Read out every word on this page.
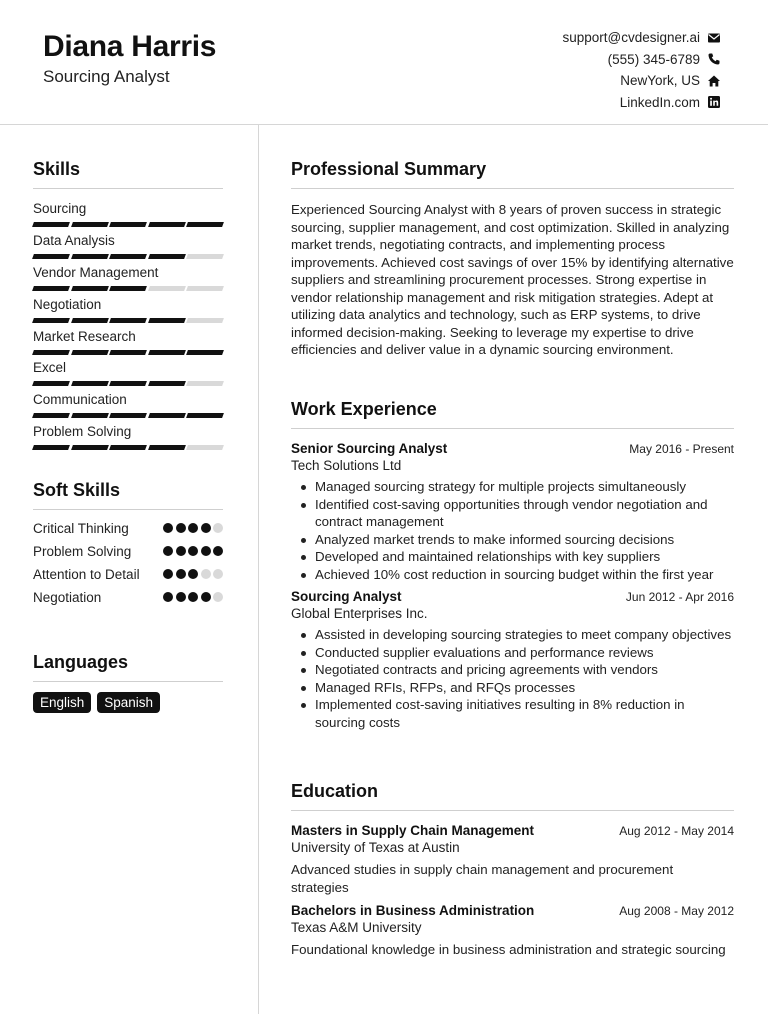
Diana Harris
Sourcing Analyst
support@cvdesigner.ai
(555) 345-6789
NewYork, US
LinkedIn.com
Skills
Sourcing
Data Analysis
Vendor Management
Negotiation
Market Research
Excel
Communication
Problem Solving
Soft Skills
Critical Thinking
Problem Solving
Attention to Detail
Negotiation
Languages
English	Spanish
Professional Summary
Experienced Sourcing Analyst with 8 years of proven success in strategic sourcing, supplier management, and cost optimization. Skilled in analyzing market trends, negotiating contracts, and implementing process improvements. Achieved cost savings of over 15% by identifying alternative suppliers and streamlining procurement processes. Strong expertise in vendor relationship management and risk mitigation strategies. Adept at utilizing data analytics and technology, such as ERP systems, to drive informed decision-making. Seeking to leverage my expertise to drive efficiencies and deliver value in a dynamic sourcing environment.
Work Experience
Senior Sourcing Analyst	May 2016 - Present
Tech Solutions Ltd
Managed sourcing strategy for multiple projects simultaneously
Identified cost-saving opportunities through vendor negotiation and contract management
Analyzed market trends to make informed sourcing decisions
Developed and maintained relationships with key suppliers
Achieved 10% cost reduction in sourcing budget within the first year
Sourcing Analyst	Jun 2012 - Apr 2016
Global Enterprises Inc.
Assisted in developing sourcing strategies to meet company objectives
Conducted supplier evaluations and performance reviews
Negotiated contracts and pricing agreements with vendors
Managed RFIs, RFPs, and RFQs processes
Implemented cost-saving initiatives resulting in 8% reduction in sourcing costs
Education
Masters in Supply Chain Management	Aug 2012 - May 2014
University of Texas at Austin
Advanced studies in supply chain management and procurement strategies
Bachelors in Business Administration	Aug 2008 - May 2012
Texas A&M University
Foundational knowledge in business administration and strategic sourcing
